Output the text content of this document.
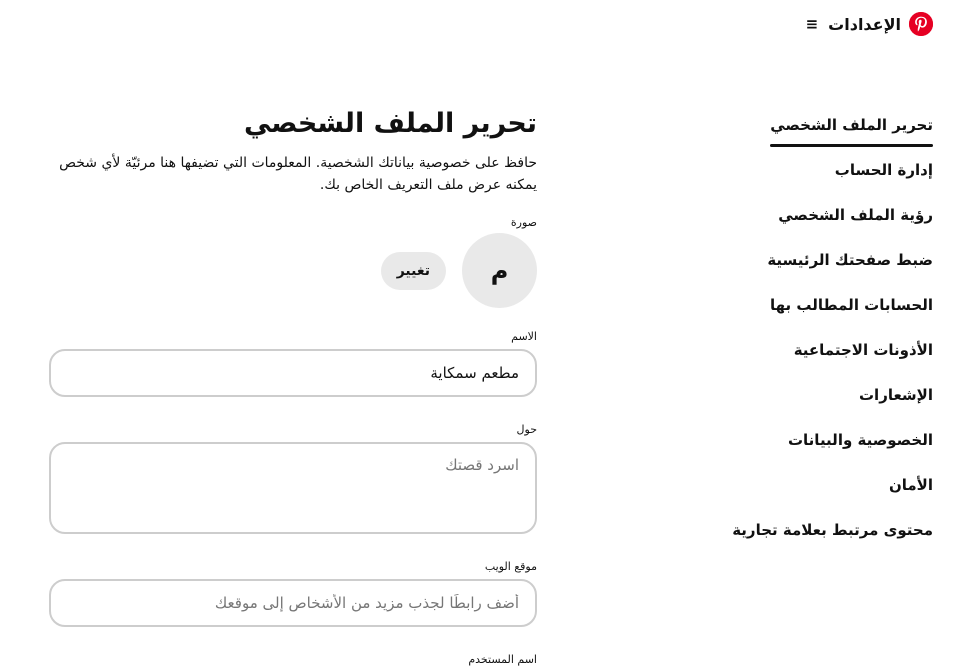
الإعدادات
≡
تحرير الملف الشخصي
إدارة الحساب
رؤية الملف الشخصي
ضبط صفحتك الرئيسية
الحسابات المطالب بها
الأذونات الاجتماعية
الإشعارات
الخصوصية والبيانات
الأمان
محتوى مرتبط بعلامة تجارية
تحرير الملف الشخصي

حافظ على خصوصية بياناتك الشخصية. المعلومات التي تضيفها هنا مرئيّة لأي شخص يمكنه عرض ملف التعريف الخاص بك.

صورة
م
تغيير
الاسم
مطعم سمكاية
حول
اسرد قصتك
موقع الويب
أضف رابطًا لجذب مزيد من الأشخاص إلى موقعك
اسم المستخدم
